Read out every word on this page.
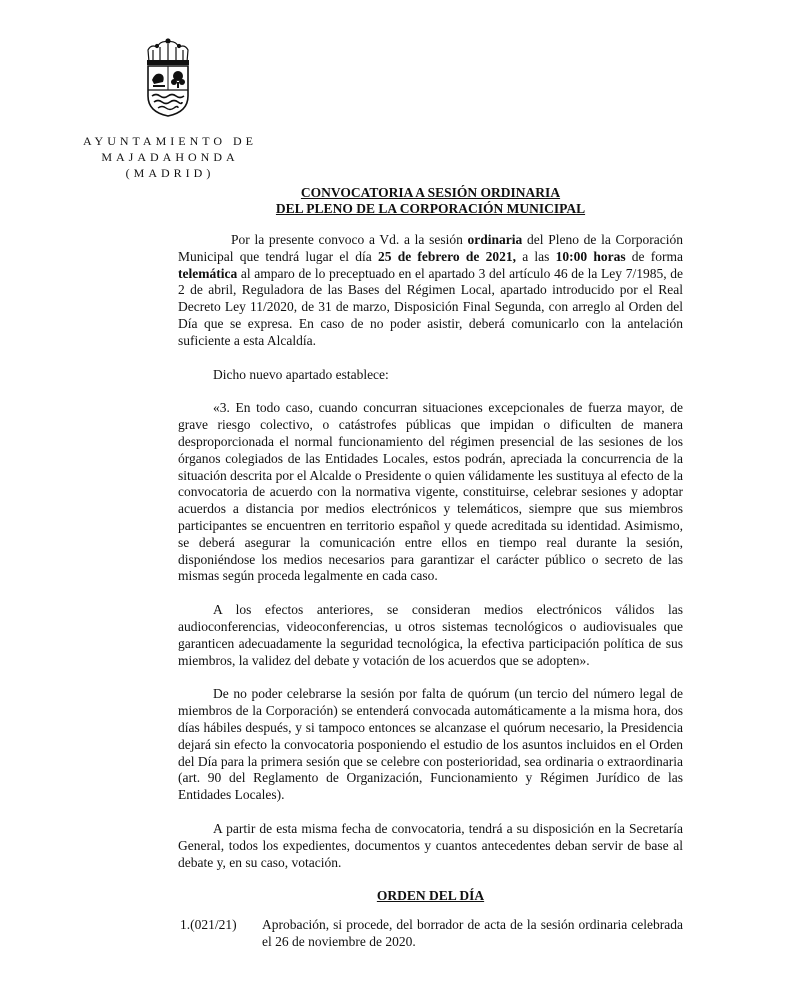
AYUNTAMIENTO DE
MAJADAHONDA
(MADRID)
CONVOCATORIA A SESIÓN ORDINARIA
DEL PLENO DE LA CORPORACIÓN MUNICIPAL

Por la presente convoco a Vd. a la sesión ordinaria del Pleno de la Corporación Municipal que tendrá lugar el día 25 de febrero de 2021, a las 10:00 horas de forma telemática al amparo de lo preceptuado en el apartado 3 del artículo 46 de la Ley 7/1985, de 2 de abril, Reguladora de las Bases del Régimen Local, apartado introducido por el Real Decreto Ley 11/2020, de 31 de marzo, Disposición Final Segunda, con arreglo al Orden del Día que se expresa. En caso de no poder asistir, deberá comunicarlo con la antelación suficiente a esta Alcaldía.

Dicho nuevo apartado establece:

«3. En todo caso, cuando concurran situaciones excepcionales de fuerza mayor, de grave riesgo colectivo, o catástrofes públicas que impidan o dificulten de manera desproporcionada el normal funcionamiento del régimen presencial de las sesiones de los órganos colegiados de las Entidades Locales, estos podrán, apreciada la concurrencia de la situación descrita por el Alcalde o Presidente o quien válidamente les sustituya al efecto de la convocatoria de acuerdo con la normativa vigente, constituirse, celebrar sesiones y adoptar acuerdos a distancia por medios electrónicos y telemáticos, siempre que sus miembros participantes se encuentren en territorio español y quede acreditada su identidad. Asimismo, se deberá asegurar la comunicación entre ellos en tiempo real durante la sesión, disponiéndose los medios necesarios para garantizar el carácter público o secreto de las mismas según proceda legalmente en cada caso.

A los efectos anteriores, se consideran medios electrónicos válidos las audioconferencias, videoconferencias, u otros sistemas tecnológicos o audiovisuales que garanticen adecuadamente la seguridad tecnológica, la efectiva participación política de sus miembros, la validez del debate y votación de los acuerdos que se adopten».

De no poder celebrarse la sesión por falta de quórum (un tercio del número legal de miembros de la Corporación) se entenderá convocada automáticamente a la misma hora, dos días hábiles después, y si tampoco entonces se alcanzase el quórum necesario, la Presidencia dejará sin efecto la convocatoria posponiendo el estudio de los asuntos incluidos en el Orden del Día para la primera sesión que se celebre con posterioridad, sea ordinaria o extraordinaria (art. 90 del Reglamento de Organización, Funcionamiento y Régimen Jurídico de las Entidades Locales).

A partir de esta misma fecha de convocatoria, tendrá a su disposición en la Secretaría General, todos los expedientes, documentos y cuantos antecedentes deban servir de base al debate y, en su caso, votación.

ORDEN DEL DÍA
1.(021/21)	Aprobación, si procede, del borrador de acta de la sesión ordinaria celebrada el 26 de noviembre de 2020.
